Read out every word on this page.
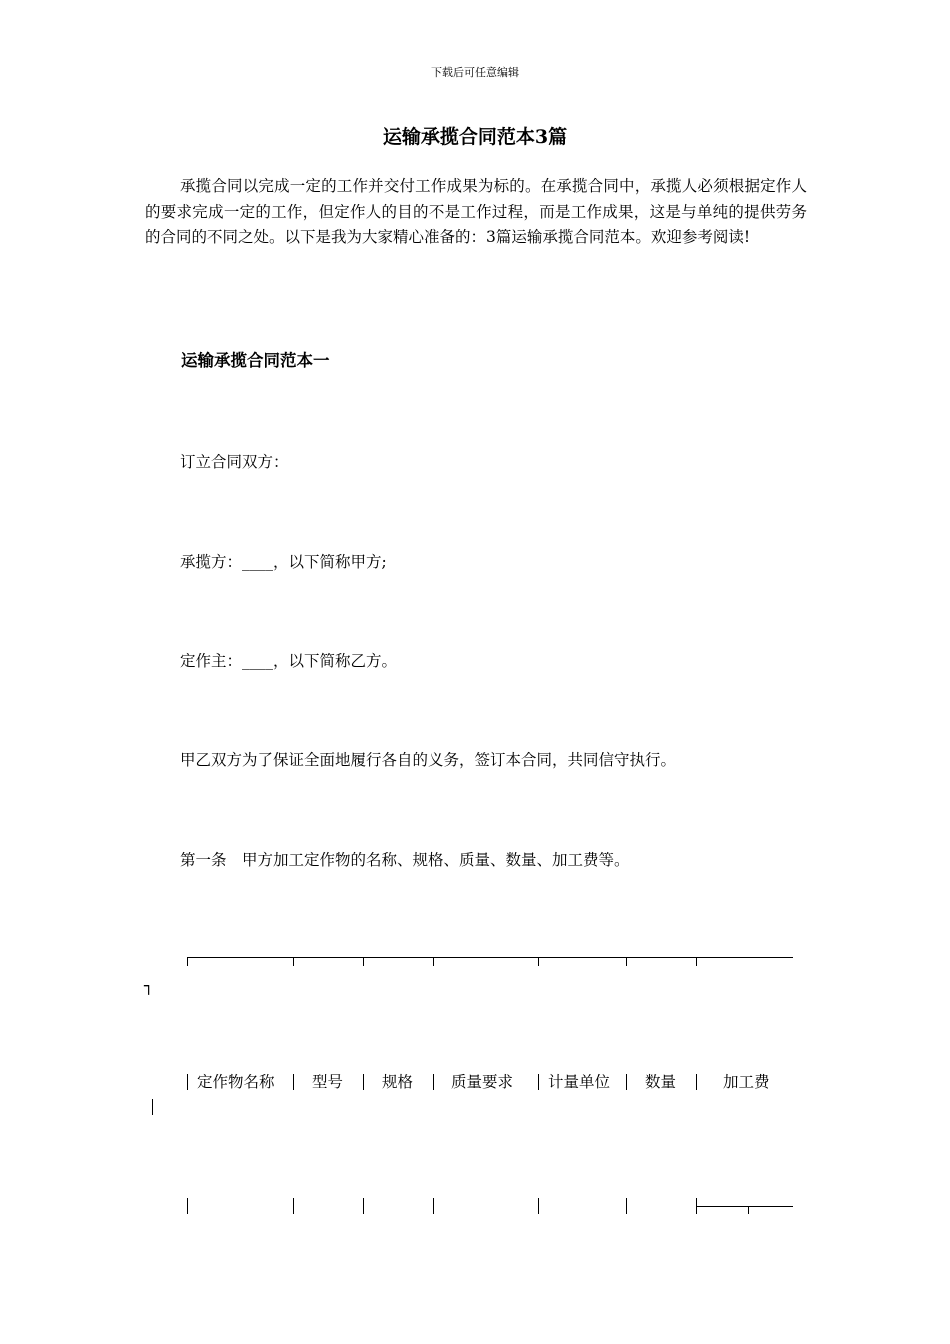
下载后可任意编辑
运输承揽合同范本3篇

承揽合同以完成一定的工作并交付工作成果为标的。在承揽合同中，承揽人必须根据定作人的要求完成一定的工作，但定作人的目的不是工作过程，而是工作成果，这是与单纯的提供劳务的合同的不同之处。以下是我为大家精心准备的：3篇运输承揽合同范本。欢迎参考阅读!

运输承揽合同范本一

订立合同双方：

承揽方：____，以下简称甲方;

定作主：____，以下简称乙方。

甲乙双方为了保证全面地履行各自的义务，签订本合同，共同信守执行。

第一条　甲方加工定作物的名称、规格、质量、数量、加工费等。

┐
定作物名称 型号	规格 质量要求 计量单位 数量	加工费
